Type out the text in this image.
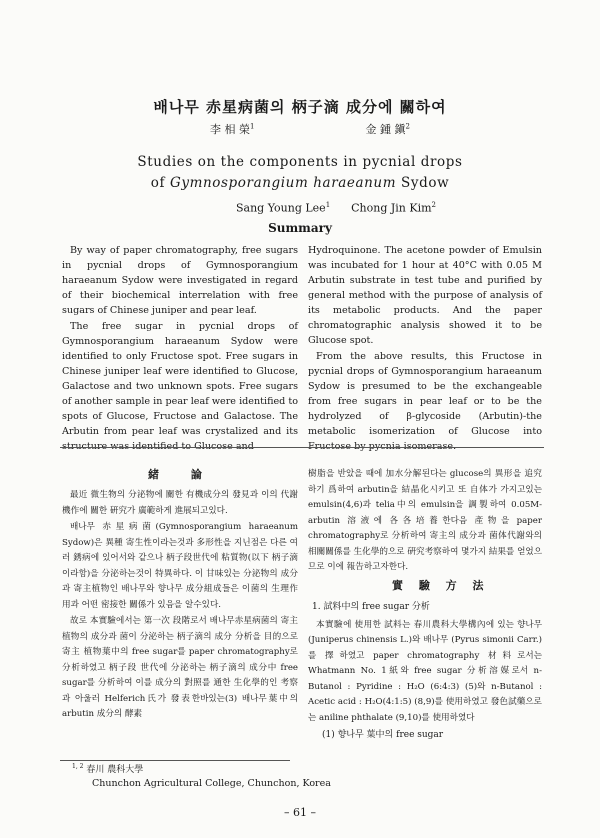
배나무 赤星病菌의 柄子滴 成分에 關하여
李 相 榮$^1$	金 鍾 鎭$^2$
Studies on the components in pycnial drops
of Gymnosporangium haraeanum Sydow
Sang Young Lee$^1$ Chong Jin Kim$^2$
Summary

By way of paper chromatography, free sugars in pycnial drops of Gymnosporangium haraeanum Sydow were investigated in regard of their biochemical interrelation with free sugars of Chinese juniper and pear leaf.

The free sugar in pycnial drops of Gymnosporangium haraeanum Sydow were identified to only Fructose spot. Free sugars in Chinese juniper leaf were identified to Glucose, Galactose and two unknown spots. Free sugars of another sample in pear leaf were identified to spots of Glucose, Fructose and Galactose. The Arbutin from pear leaf was crystalized and its structure was identified to Glucose and

Hydroquinone. The acetone powder of Emulsin was incubated for 1 hour at 40°C with 0.05 M Arbutin substrate in test tube and purified by general method with the purpose of analysis of its metabolic products. And the paper chromatographic analysis showed it to be Glucose spot.

From the above results, this Fructose in pycnial drops of Gymnosporangium haraeanum Sydow is presumed to be the exchangeable from free sugars in pear leaf or to be the hydrolyzed of β-glycoside (Arbutin)-the metabolic isomerization of Glucose into Fructose by pycnia isomerase.

緒 論

最近 微生物의 分泌物에 關한 有機成分의 發見과 이의 代謝機作에 關한 硏究가 廣範하게 進展되고있다.

배나무 赤星病菌(Gymnosporangium haraeanum Sydow)은 異種 寄生性이라는것과 多形性을 지닌점은 다른 여러 銹病에 있어서와 같으나 柄子段世代에 粘質物(以下 柄子滴이라함)을 分泌하는것이 特異하다. 이 甘味있는 分泌物의 成分과 寄主植物인 배나무와 향나무 成分組成들은 이菌의 生理作用과 어떤 密接한 關係가 있음을 알수있다.

故로 本實驗에서는 第一次 段階로서 배나무赤星病菌의 寄主植物의 成分과 菌이 分泌하는 柄子滴의 成分 分析을 目的으로 寄主 植物葉中의 free sugar를 paper chromatography로 分析하였고 柄子段 世代에 分泌하는 柄子滴의 成分中 free sugar를 分析하여 이를 成分의 對照를 通한 生化學的인 考察과 아울러 Helferich氏가 發表한바있는(3) 배나무葉中의 arbutin 成分의 酵素

樹脂을 반았을 때에 加水分解된다는 glucose의 異形을 追究하기 爲하여 arbutin을 結晶化시키고 또 自体가 가지고있는 emulsin(4,6)과 telia中의 emulsin을 調製하여 0.05M-arbutin 溶液에 各各培養한다음 產物을 paper chromatography로 分析하여 寄主의 成分과 菌体代謝와의 相關關係를 生化學的으로 硏究考察하여 몇가지 結果를 얻었으므로 이에 報告하고자한다.

實 驗 方 法

1. 試料中의 free sugar 分析

本實驗에 使用한 試料는 春川農科大學構內에 있는 향나무(Juniperus chinensis L.)와 배나무 (Pyrus simonii Carr.)를 擇하였고 paper chromatography 材料로서는 Whatmann No. 1紙와 free sugar 分析溶媒로서 n-Butanol : Pyridine : H₂O (6:4:3) (5)와 n-Butanol : Acetic acid : H₂O(4:1:5) (8,9)를 使用하였고 發色試藥으로는 aniline phthalate (9,10)를 使用하였다

(1) 향나무 葉中의 free sugar

$^{1, 2}$ 春川 農科大學
Chunchon Agricultural College, Chunchon, Korea
– 61 –
